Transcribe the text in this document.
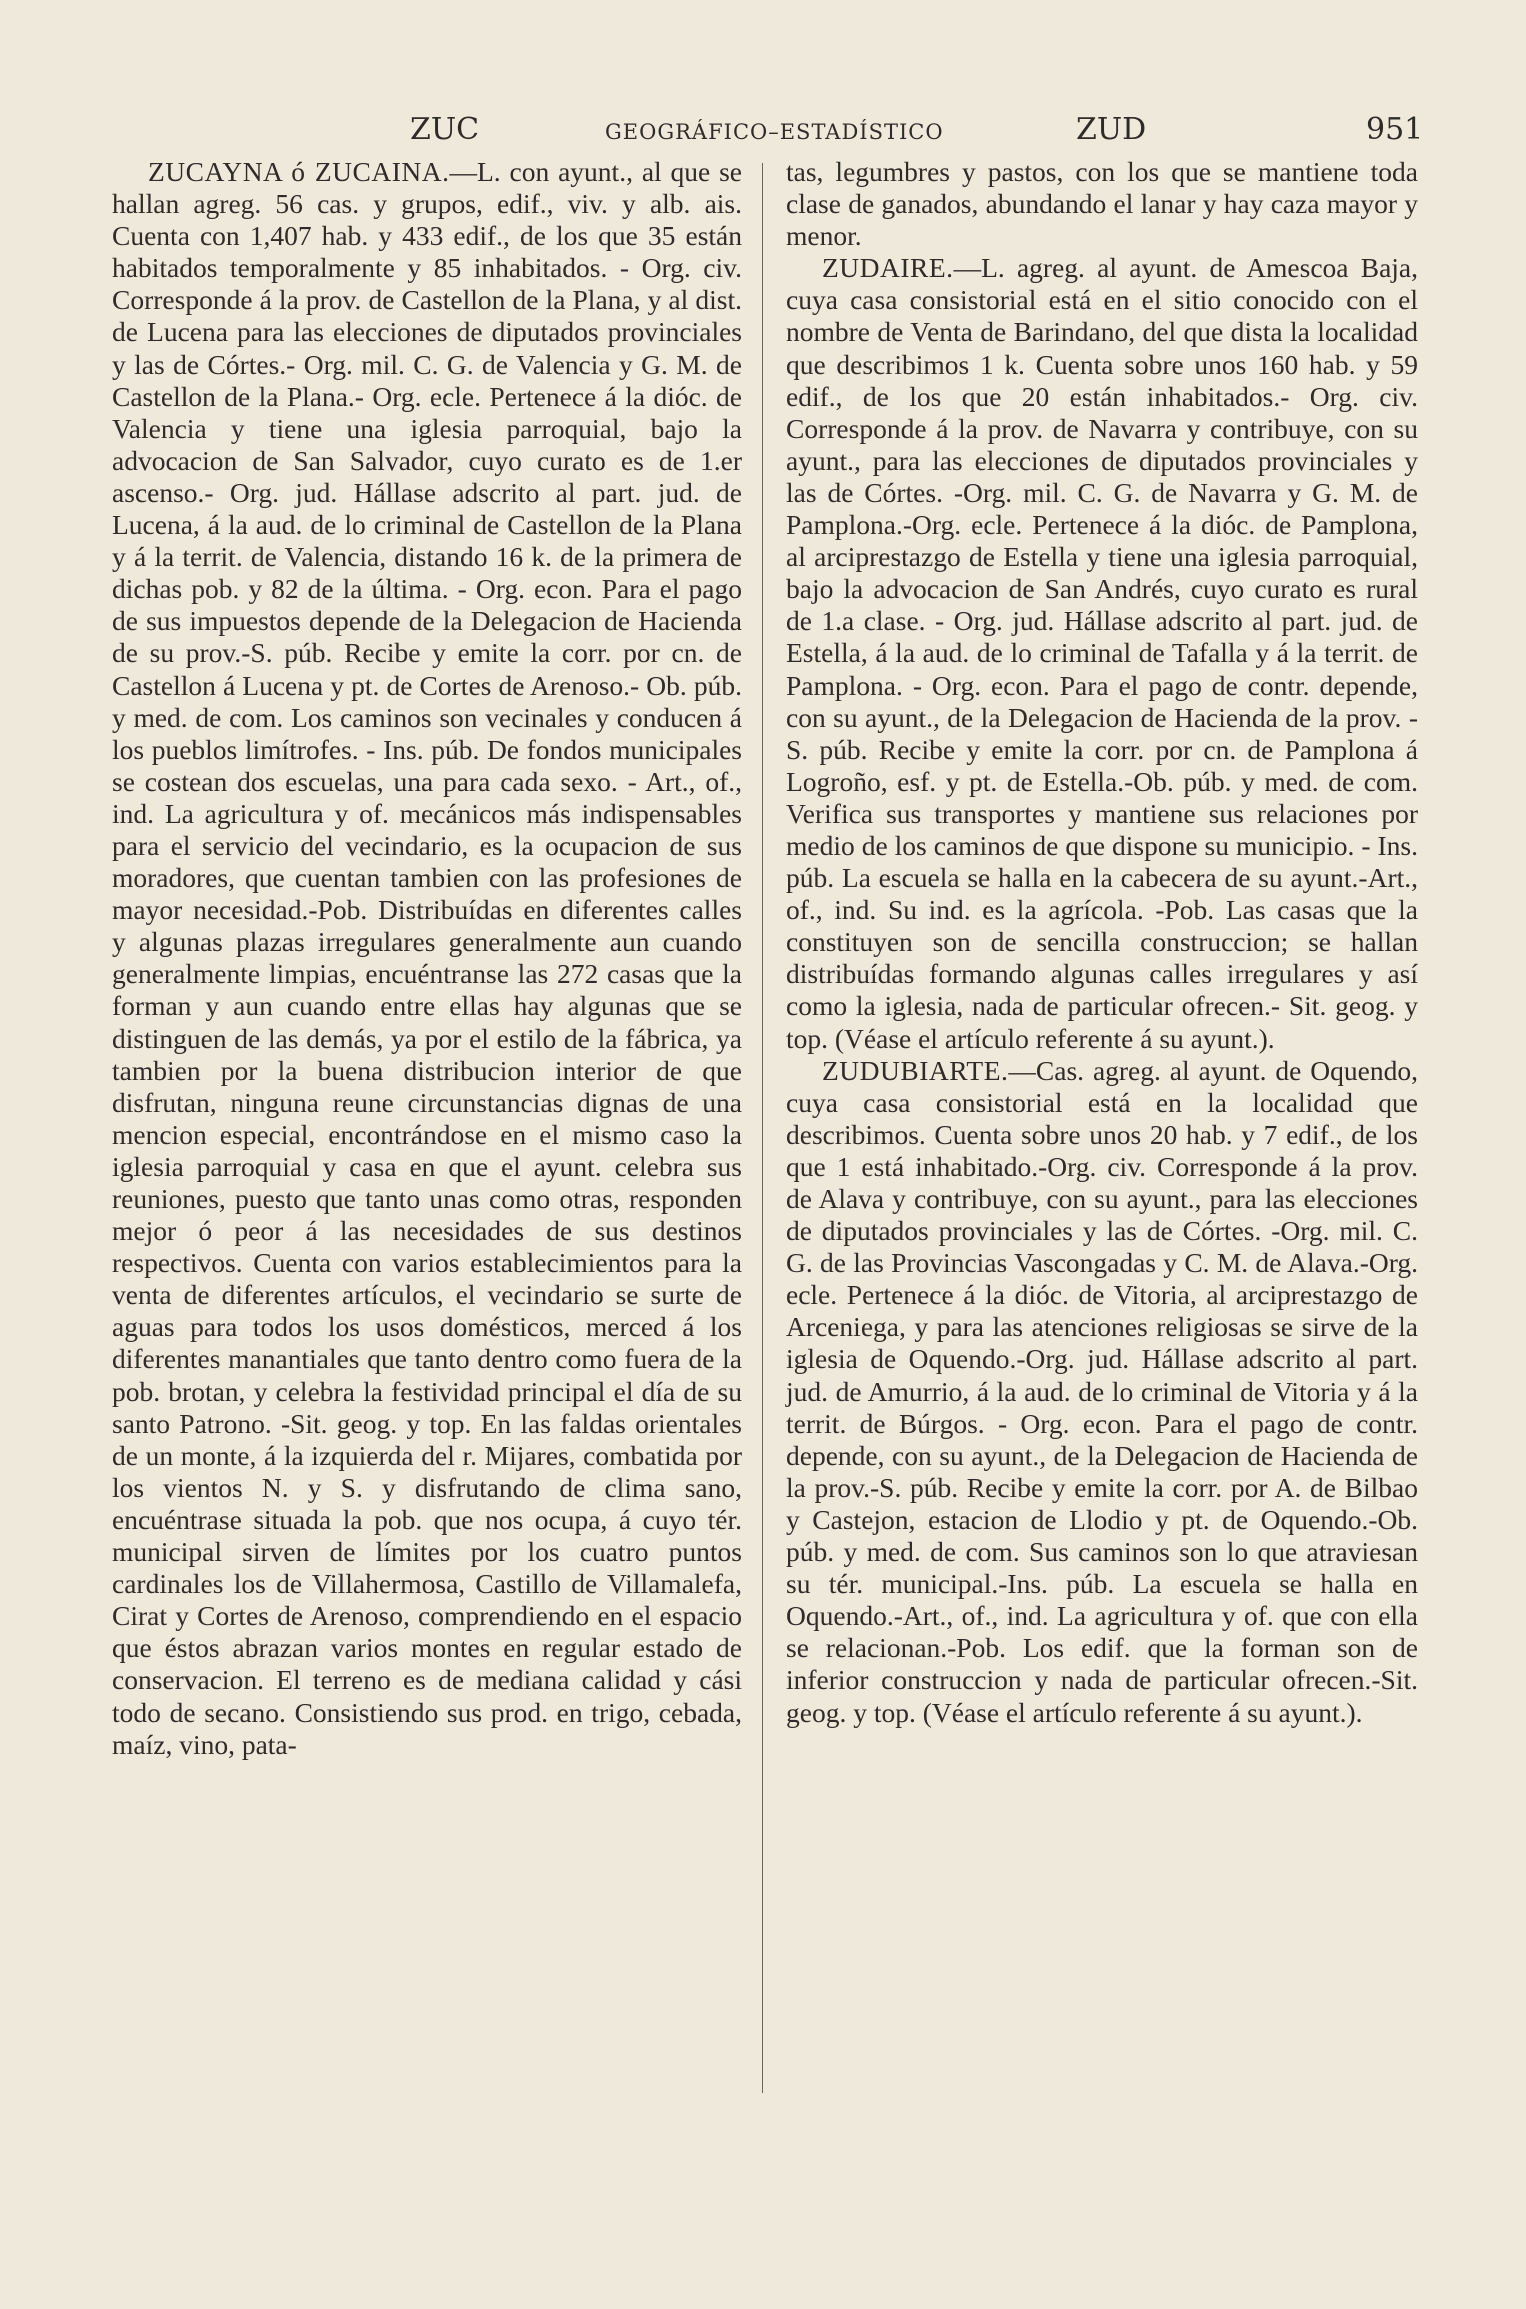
ZUC	GEOGRÁFICO–ESTADÍSTICO	ZUD	951

ZUCAYNA ó ZUCAINA.—L. con ayunt., al que se hallan agreg. 56 cas. y grupos, edif., viv. y alb. ais. Cuenta con 1,407 hab. y 433 edif., de los que 35 están habitados temporalmente y 85 inhabitados. - Org. civ. Corresponde á la prov. de Castellon de la Plana, y al dist. de Lucena para las elecciones de diputados provinciales y las de Córtes.- Org. mil. C. G. de Valencia y G. M. de Castellon de la Plana.- Org. ecle. Pertenece á la dióc. de Valencia y tiene una iglesia parroquial, bajo la advocacion de San Salvador, cuyo curato es de 1.er ascenso.- Org. jud. Hállase adscrito al part. jud. de Lucena, á la aud. de lo criminal de Castellon de la Plana y á la territ. de Valencia, distando 16 k. de la primera de dichas pob. y 82 de la última. - Org. econ. Para el pago de sus impuestos depende de la Delegacion de Hacienda de su prov.-S. púb. Recibe y emite la corr. por cn. de Castellon á Lucena y pt. de Cortes de Arenoso.- Ob. púb. y med. de com. Los caminos son vecinales y conducen á los pueblos limítrofes. - Ins. púb. De fondos municipales se costean dos escuelas, una para cada sexo. - Art., of., ind. La agricultura y of. mecánicos más indispensables para el servicio del vecindario, es la ocupacion de sus moradores, que cuentan tambien con las profesiones de mayor necesidad.-Pob. Distribuídas en diferentes calles y algunas plazas irregulares generalmente aun cuando generalmente limpias, encuéntranse las 272 casas que la forman y aun cuando entre ellas hay algunas que se distinguen de las demás, ya por el estilo de la fábrica, ya tambien por la buena distribucion interior de que disfrutan, ninguna reune circunstancias dignas de una mencion especial, encontrándose en el mismo caso la iglesia parroquial y casa en que el ayunt. celebra sus reuniones, puesto que tanto unas como otras, responden mejor ó peor á las necesidades de sus destinos respectivos. Cuenta con varios establecimientos para la venta de diferentes artículos, el vecindario se surte de aguas para todos los usos domésticos, merced á los diferentes manantiales que tanto dentro como fuera de la pob. brotan, y celebra la festividad principal el día de su santo Patrono. -Sit. geog. y top. En las faldas orientales de un monte, á la izquierda del r. Mijares, combatida por los vientos N. y S. y disfrutando de clima sano, encuéntrase situada la pob. que nos ocupa, á cuyo tér. municipal sirven de límites por los cuatro puntos cardinales los de Villahermosa, Castillo de Villamalefa, Cirat y Cortes de Arenoso, comprendiendo en el espacio que éstos abrazan varios montes en regular estado de conservacion. El terreno es de mediana calidad y cási todo de secano. Consistiendo sus prod. en trigo, cebada, maíz, vino, pata-

tas, legumbres y pastos, con los que se mantiene toda clase de ganados, abundando el lanar y hay caza mayor y menor.

ZUDAIRE.—L. agreg. al ayunt. de Amescoa Baja, cuya casa consistorial está en el sitio conocido con el nombre de Venta de Barindano, del que dista la localidad que describimos 1 k. Cuenta sobre unos 160 hab. y 59 edif., de los que 20 están inhabitados.- Org. civ. Corresponde á la prov. de Navarra y contribuye, con su ayunt., para las elecciones de diputados provinciales y las de Córtes. -Org. mil. C. G. de Navarra y G. M. de Pamplona.-Org. ecle. Pertenece á la dióc. de Pamplona, al arciprestazgo de Estella y tiene una iglesia parroquial, bajo la advocacion de San Andrés, cuyo curato es rural de 1.a clase. - Org. jud. Hállase adscrito al part. jud. de Estella, á la aud. de lo criminal de Tafalla y á la territ. de Pamplona. - Org. econ. Para el pago de contr. depende, con su ayunt., de la Delegacion de Hacienda de la prov. - S. púb. Recibe y emite la corr. por cn. de Pamplona á Logroño, esf. y pt. de Estella.-Ob. púb. y med. de com. Verifica sus transportes y mantiene sus relaciones por medio de los caminos de que dispone su municipio. - Ins. púb. La escuela se halla en la cabecera de su ayunt.-Art., of., ind. Su ind. es la agrícola. -Pob. Las casas que la constituyen son de sencilla construccion; se hallan distribuídas formando algunas calles irregulares y así como la iglesia, nada de particular ofrecen.- Sit. geog. y top. (Véase el artículo referente á su ayunt.).

ZUDUBIARTE.—Cas. agreg. al ayunt. de Oquendo, cuya casa consistorial está en la localidad que describimos. Cuenta sobre unos 20 hab. y 7 edif., de los que 1 está inhabitado.-Org. civ. Corresponde á la prov. de Alava y contribuye, con su ayunt., para las elecciones de diputados provinciales y las de Córtes. -Org. mil. C. G. de las Provincias Vascongadas y C. M. de Alava.-Org. ecle. Pertenece á la dióc. de Vitoria, al arciprestazgo de Arceniega, y para las atenciones religiosas se sirve de la iglesia de Oquendo.-Org. jud. Hállase adscrito al part. jud. de Amurrio, á la aud. de lo criminal de Vitoria y á la territ. de Búrgos. - Org. econ. Para el pago de contr. depende, con su ayunt., de la Delegacion de Hacienda de la prov.-S. púb. Recibe y emite la corr. por A. de Bilbao y Castejon, estacion de Llodio y pt. de Oquendo.-Ob. púb. y med. de com. Sus caminos son lo que atraviesan su tér. municipal.-Ins. púb. La escuela se halla en Oquendo.-Art., of., ind. La agricultura y of. que con ella se relacionan.-Pob. Los edif. que la forman son de inferior construccion y nada de particular ofrecen.-Sit. geog. y top. (Véase el artículo referente á su ayunt.).
